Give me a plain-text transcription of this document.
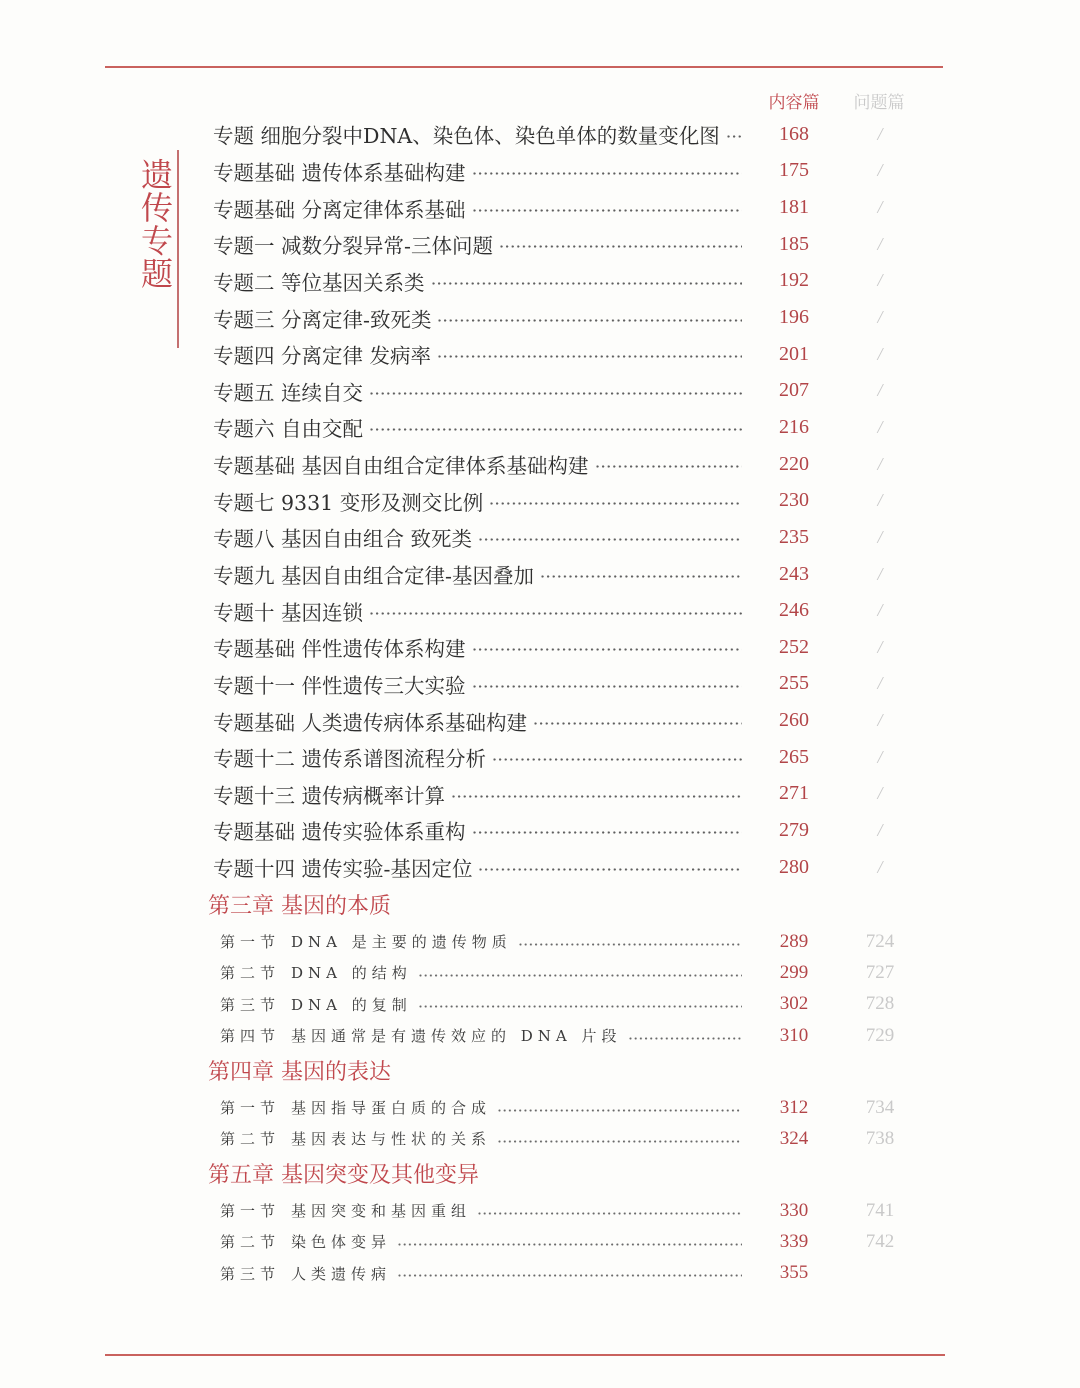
遗传专题
内容篇 问题篇
专题 细胞分裂中DNA、染色体、染色单体的数量变化图	168	/
专题基础 遗传体系基础构建	175	/
专题基础 分离定律体系基础	181	/
专题一 减数分裂异常-三体问题	185	/
专题二 等位基因关系类	192	/
专题三 分离定律-致死类	196	/
专题四 分离定律 发病率	201	/
专题五 连续自交	207	/
专题六 自由交配	216	/
专题基础 基因自由组合定律体系基础构建	220	/
专题七 9331 变形及测交比例	230	/
专题八 基因自由组合 致死类	235	/
专题九 基因自由组合定律-基因叠加	243	/
专题十 基因连锁	246	/
专题基础 伴性遗传体系构建	252	/
专题十一 伴性遗传三大实验	255	/
专题基础 人类遗传病体系基础构建	260	/
专题十二 遗传系谱图流程分析	265	/
专题十三 遗传病概率计算	271	/
专题基础 遗传实验体系重构	279	/
专题十四 遗传实验-基因定位	280	/
第三章 基因的本质
第一节 DNA 是主要的遗传物质	289	724
第二节 DNA 的结构	299	727
第三节 DNA 的复制	302	728
第四节 基因通常是有遗传效应的 DNA 片段	310	729
第四章 基因的表达
第一节 基因指导蛋白质的合成	312	734
第二节 基因表达与性状的关系	324	738
第五章 基因突变及其他变异
第一节 基因突变和基因重组	330	741
第二节 染色体变异	339	742
第三节 人类遗传病	355
